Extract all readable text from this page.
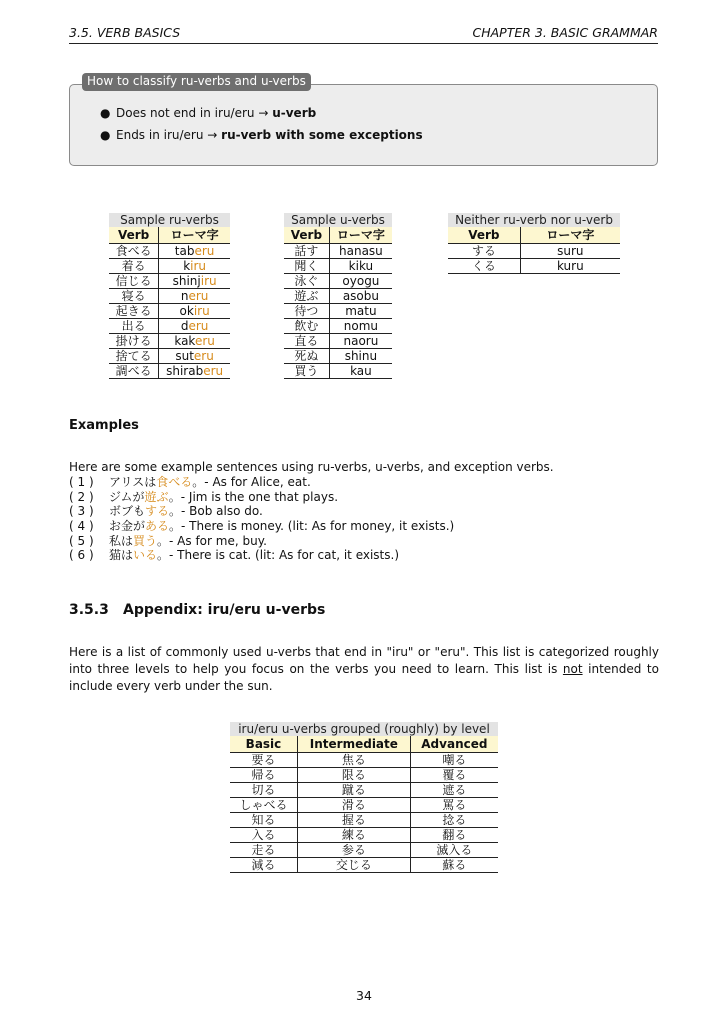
3.5. VERB BASICS	CHAPTER 3. BASIC GRAMMAR
● Does not end in iru/eru → u-verb
● Ends in iru/eru → ru-verb with some exceptions
How to classify ru-verbs and u-verbs
Sample ru-verbs
Verb	ローマ字
食べる	taberu
着る	kiru
信じる	shinjiru
寝る	neru
起きる	okiru
出る	deru
掛ける	kakeru
捨てる	suteru
調べる	shiraberu
Sample u-verbs
Verb	ローマ字
話す	hanasu
聞く	kiku
泳ぐ	oyogu
遊ぶ	asobu
待つ	matu
飲む	nomu
直る	naoru
死ぬ	shinu
買う	kau
Neither ru-verb nor u-verb
Verb	ローマ字
する	suru
くる	kuru
Examples
Here are some example sentences using ru-verbs, u-verbs, and exception verbs.
( 1 ) アリスは食べる。- As for Alice, eat.
( 2 ) ジムが遊ぶ。- Jim is the one that plays.
( 3 ) ボブもする。- Bob also do.
( 4 ) お金がある。- There is money. (lit: As for money, it exists.)
( 5 ) 私は買う。- As for me, buy.
( 6 ) 猫はいる。- There is cat. (lit: As for cat, it exists.)
3.5.3 Appendix: iru/eru u-verbs
Here is a list of commonly used u-verbs that end in "iru" or "eru". This list is categorized roughly into three levels to help you focus on the verbs you need to learn. This list is not intended to include every verb under the sun.
iru/eru u-verbs grouped (roughly) by level
Basic	Intermediate	Advanced
要る	焦る	嘲る
帰る	限る	覆る
切る	蹴る	遮る
しゃべる	滑る	罵る
知る	握る	捻る
入る	練る	翻る
走る	参る	滅入る
減る	交じる	蘇る
34
